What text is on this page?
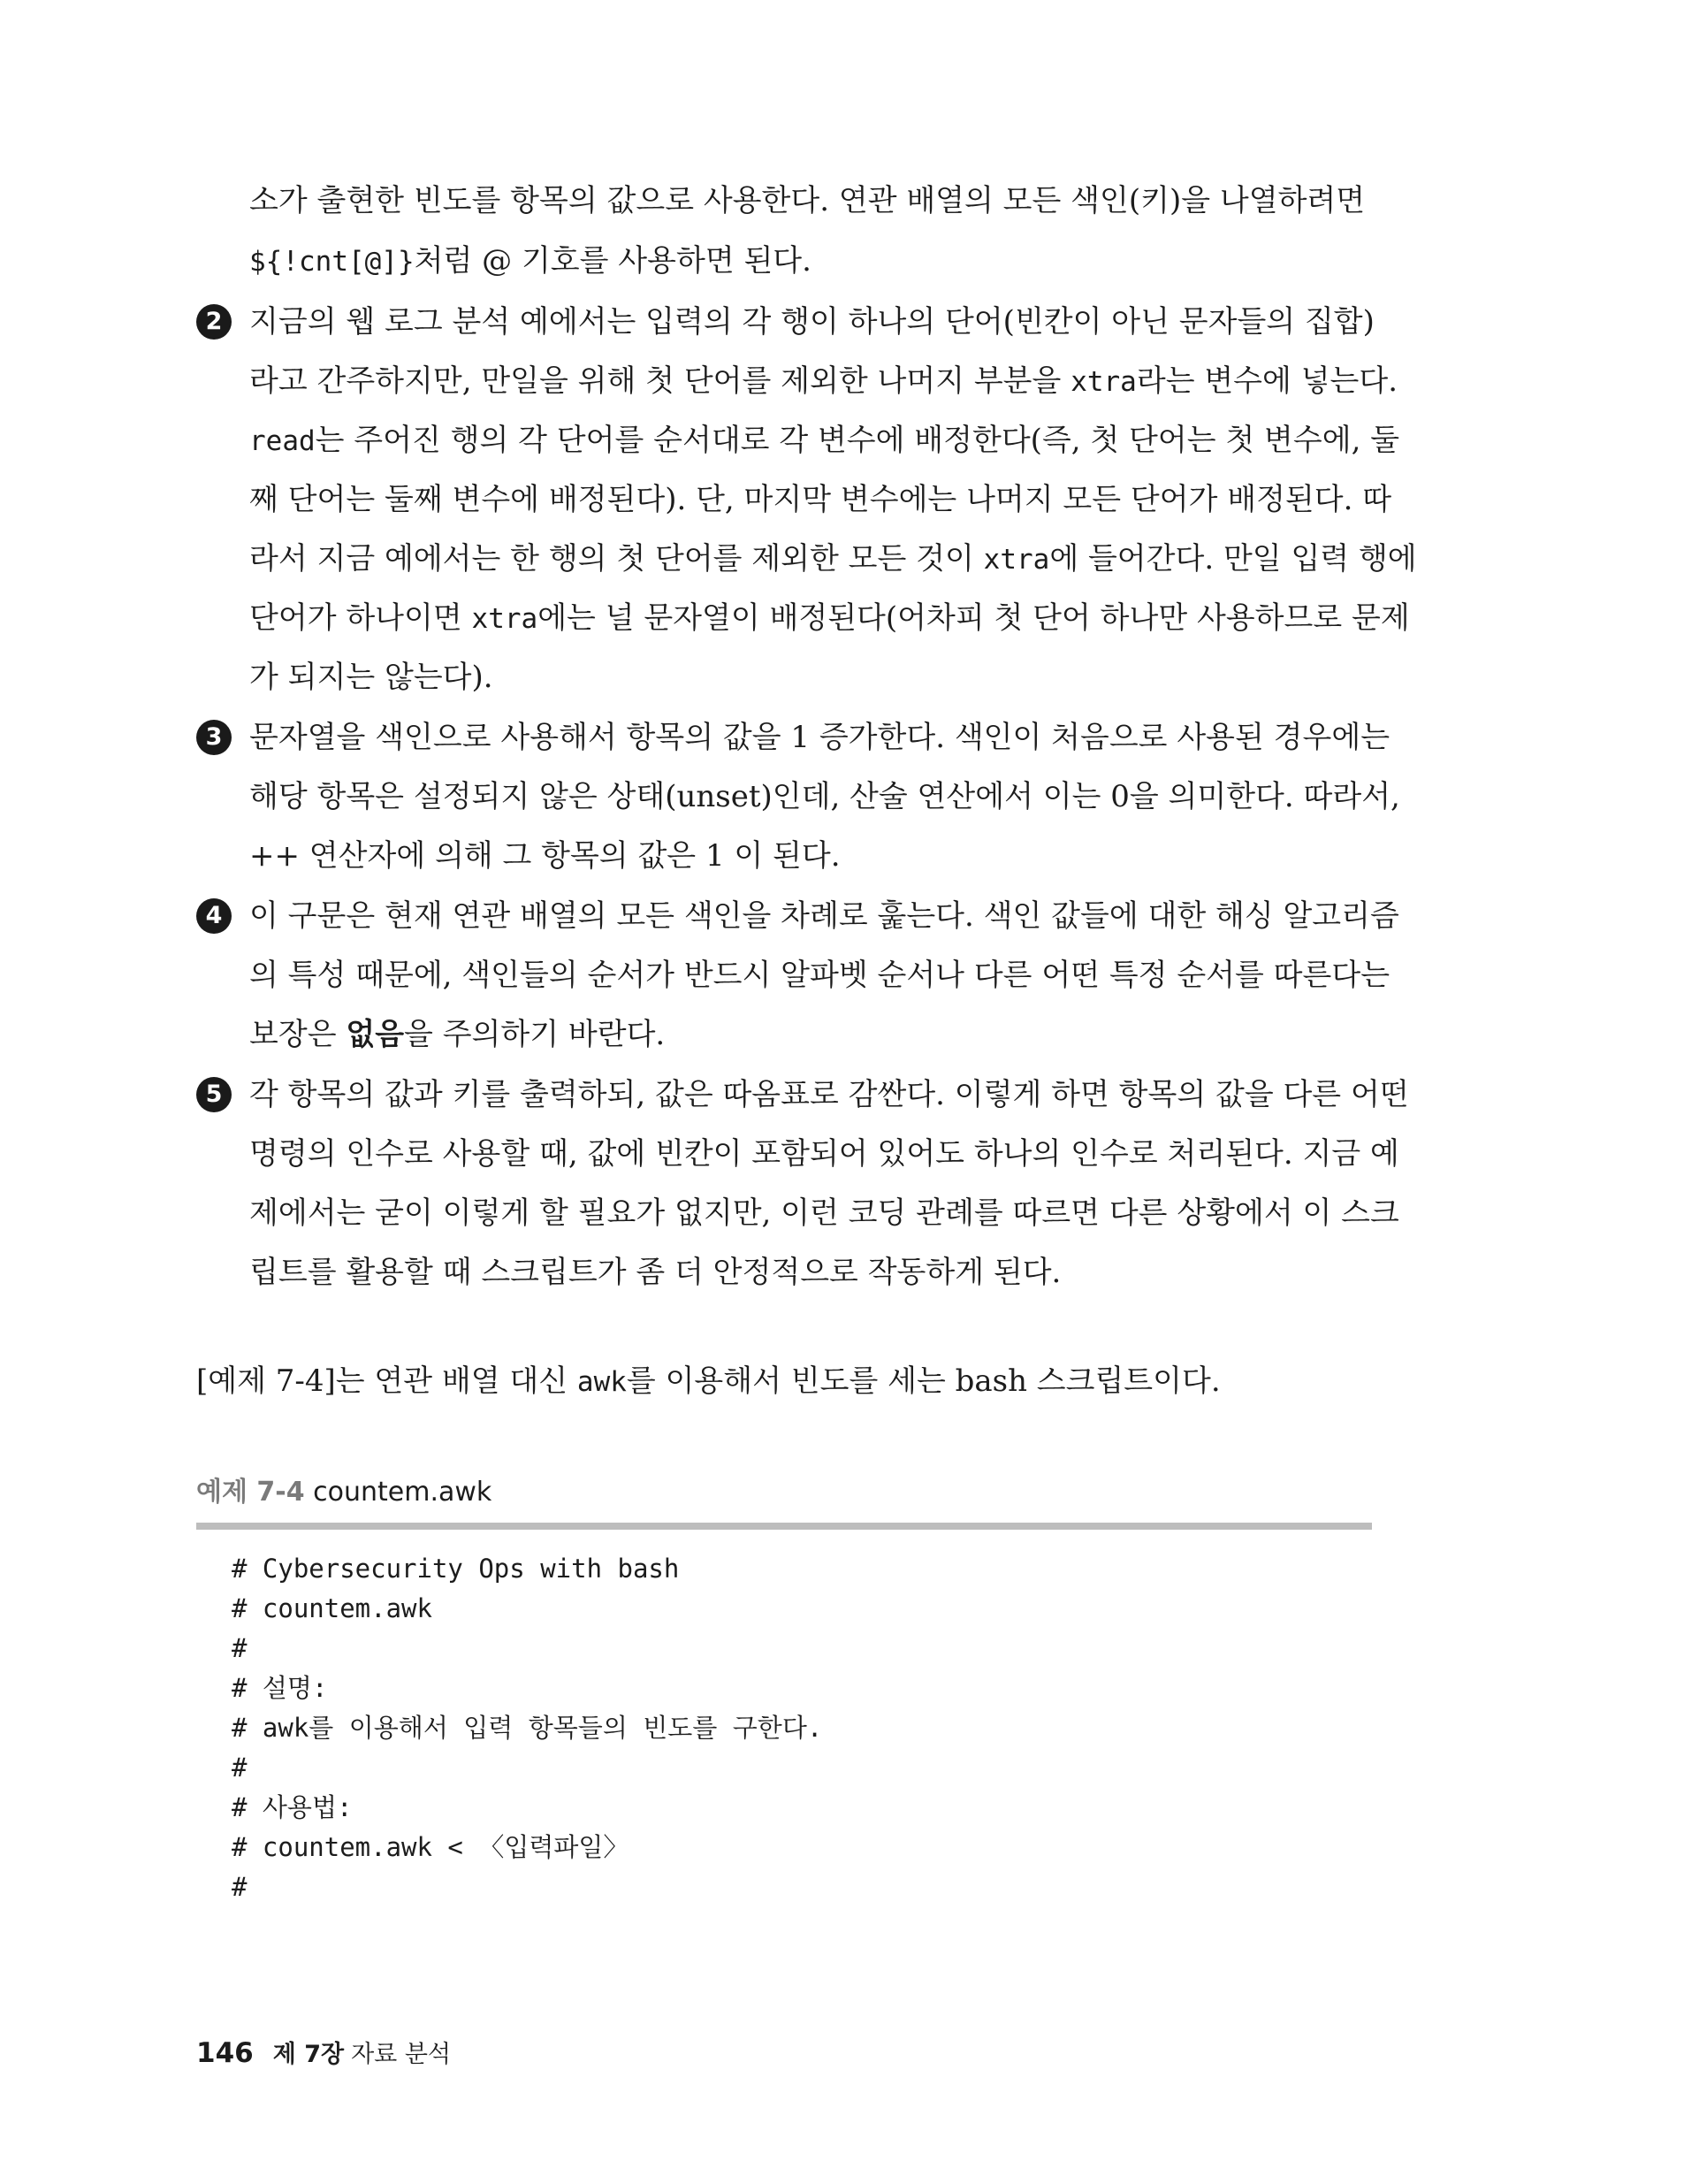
소가 출현한 빈도를 항목의 값으로 사용한다. 연관 배열의 모든 색인(키)을 나열하려면
${!cnt[@]}처럼 @ 기호를 사용하면 된다.
2 지금의 웹 로그 분석 예에서는 입력의 각 행이 하나의 단어(빈칸이 아닌 문자들의 집합)
라고 간주하지만, 만일을 위해 첫 단어를 제외한 나머지 부분을 xtra라는 변수에 넣는다.
read는 주어진 행의 각 단어를 순서대로 각 변수에 배정한다(즉, 첫 단어는 첫 변수에, 둘
째 단어는 둘째 변수에 배정된다). 단, 마지막 변수에는 나머지 모든 단어가 배정된다. 따
라서 지금 예에서는 한 행의 첫 단어를 제외한 모든 것이 xtra에 들어간다. 만일 입력 행에
단어가 하나이면 xtra에는 널 문자열이 배정된다(어차피 첫 단어 하나만 사용하므로 문제
가 되지는 않는다).
3 문자열을 색인으로 사용해서 항목의 값을 1 증가한다. 색인이 처음으로 사용된 경우에는
해당 항목은 설정되지 않은 상태(unset)인데, 산술 연산에서 이는 0을 의미한다. 따라서,
++ 연산자에 의해 그 항목의 값은 1 이 된다.
4 이 구문은 현재 연관 배열의 모든 색인을 차례로 훑는다. 색인 값들에 대한 해싱 알고리즘
의 특성 때문에, 색인들의 순서가 반드시 알파벳 순서나 다른 어떤 특정 순서를 따른다는
보장은 없음을 주의하기 바란다.
5 각 항목의 값과 키를 출력하되, 값은 따옴표로 감싼다. 이렇게 하면 항목의 값을 다른 어떤
명령의 인수로 사용할 때, 값에 빈칸이 포함되어 있어도 하나의 인수로 처리된다. 지금 예
제에서는 굳이 이렇게 할 필요가 없지만, 이런 코딩 관례를 따르면 다른 상황에서 이 스크
립트를 활용할 때 스크립트가 좀 더 안정적으로 작동하게 된다.
[예제 7-4]는 연관 배열 대신 awk를 이용해서 빈도를 세는 bash 스크립트이다.
예제 7-4 countem.awk
# Cybersecurity Ops with bash
# countem.awk
#
# 설명:
# awk를 이용해서 입력 항목들의 빈도를 구한다.
#
# 사용법:
# countem.awk < 〈입력파일〉
#
146 제 7장 자료 분석
